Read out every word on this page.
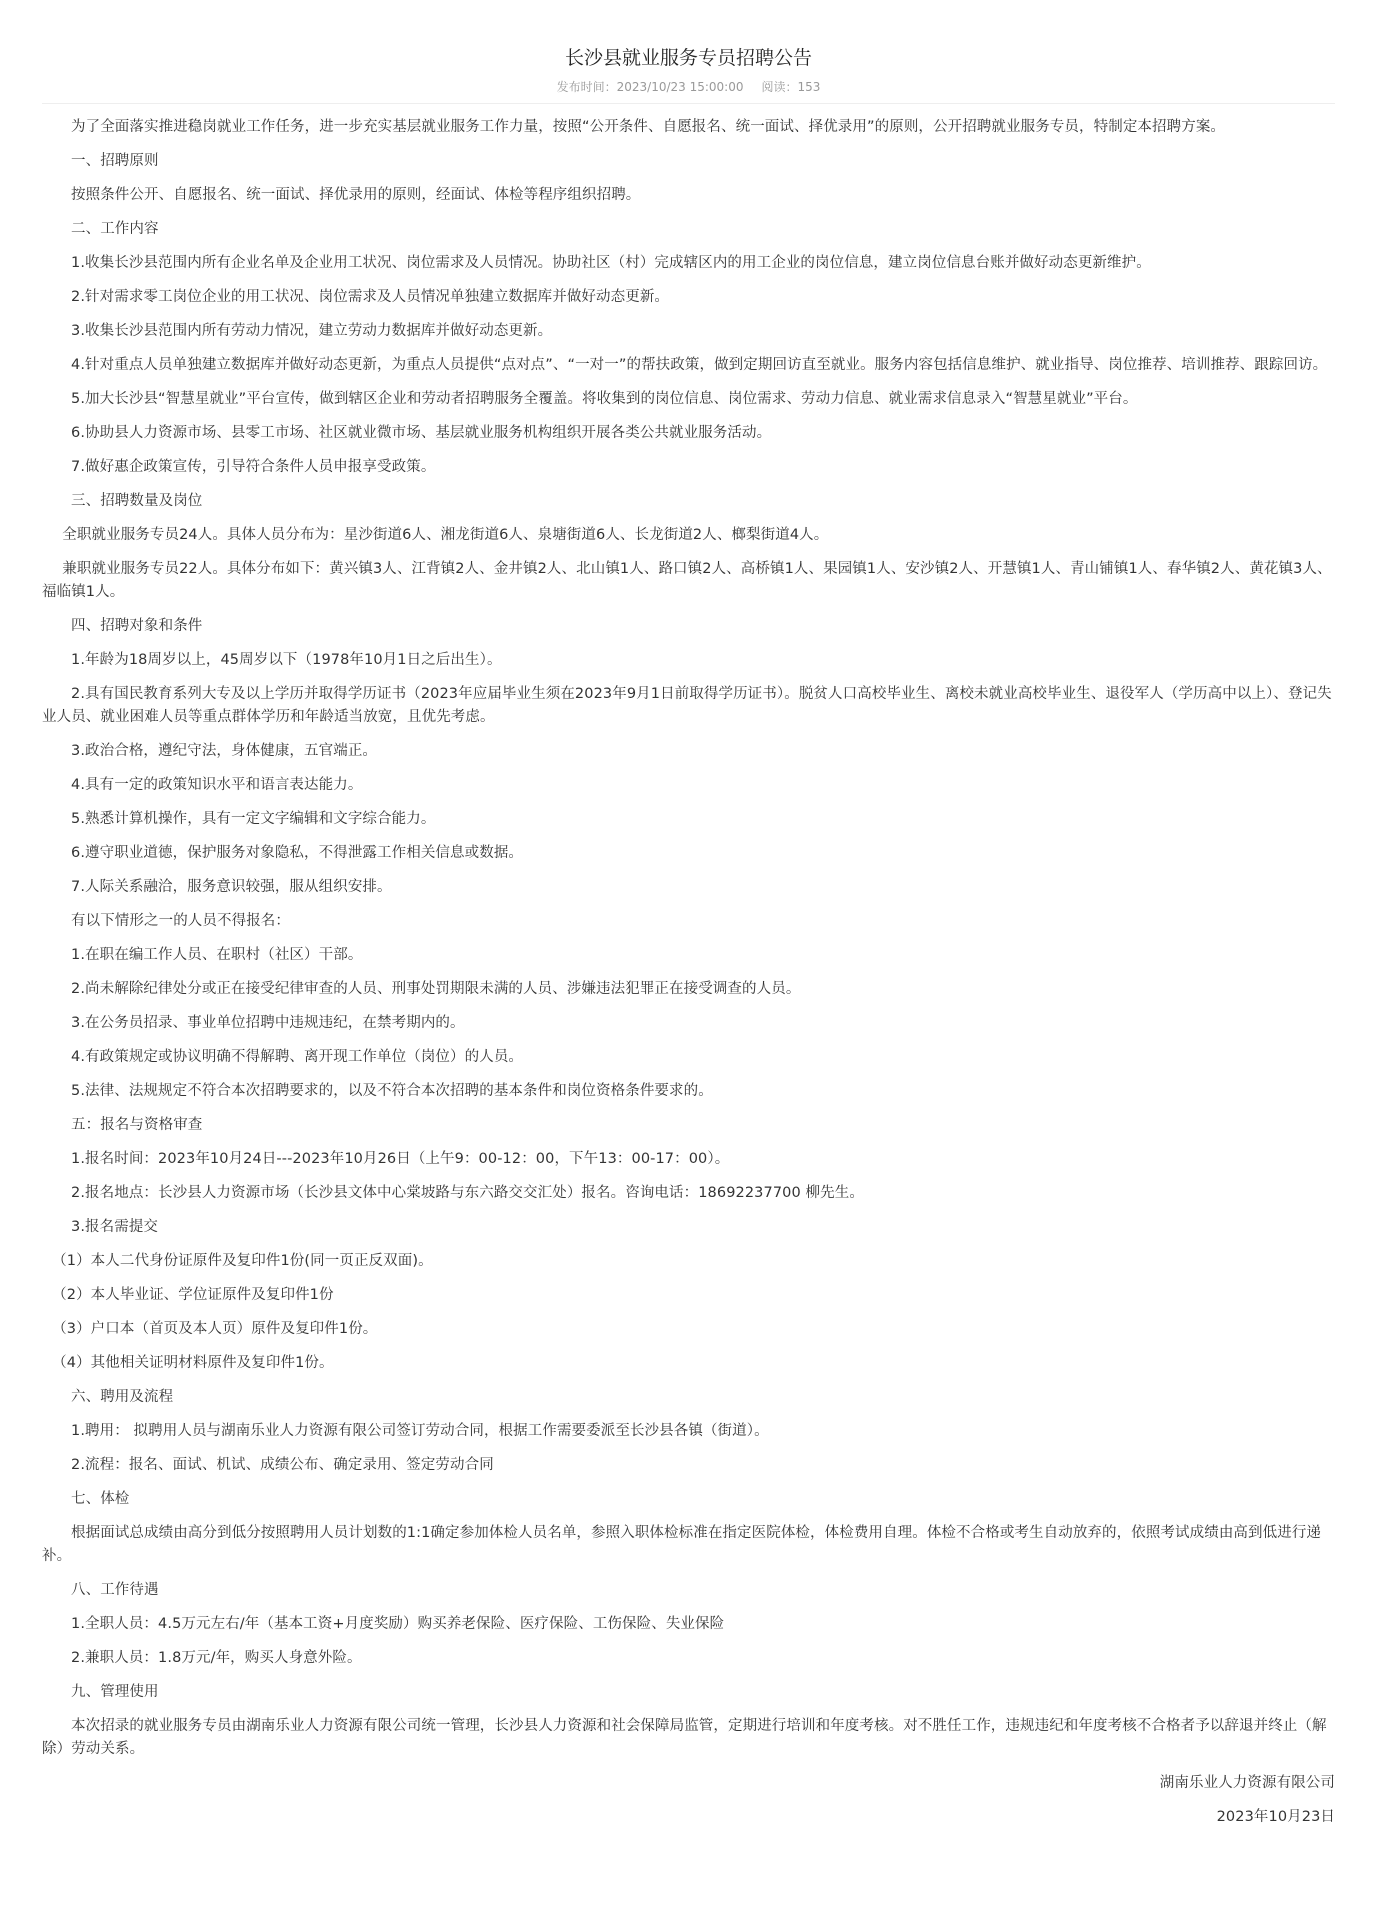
长沙县就业服务专员招聘公告
发布时间：2023/10/23 15:00:00 阅读：153

为了全面落实推进稳岗就业工作任务，进一步充实基层就业服务工作力量，按照“公开条件、自愿报名、统一面试、择优录用”的原则，公开招聘就业服务专员，特制定本招聘方案。

一、招聘原则

按照条件公开、自愿报名、统一面试、择优录用的原则，经面试、体检等程序组织招聘。

二、工作内容

1.收集长沙县范围内所有企业名单及企业用工状况、岗位需求及人员情况。协助社区（村）完成辖区内的用工企业的岗位信息，建立岗位信息台账并做好动态更新维护。

2.针对需求零工岗位企业的用工状况、岗位需求及人员情况单独建立数据库并做好动态更新。

3.收集长沙县范围内所有劳动力情况，建立劳动力数据库并做好动态更新。

4.针对重点人员单独建立数据库并做好动态更新，为重点人员提供“点对点”、“一对一”的帮扶政策，做到定期回访直至就业。服务内容包括信息维护、就业指导、岗位推荐、培训推荐、跟踪回访。

5.加大长沙县“智慧星就业”平台宣传，做到辖区企业和劳动者招聘服务全覆盖。将收集到的岗位信息、岗位需求、劳动力信息、就业需求信息录入“智慧星就业”平台。

6.协助县人力资源市场、县零工市场、社区就业微市场、基层就业服务机构组织开展各类公共就业服务活动。

7.做好惠企政策宣传，引导符合条件人员申报享受政策。

三、招聘数量及岗位

全职就业服务专员24人。具体人员分布为：星沙街道6人、湘龙街道6人、泉塘街道6人、长龙街道2人、榔梨街道4人。

兼职就业服务专员22人。具体分布如下：黄兴镇3人、江背镇2人、金井镇2人、北山镇1人、路口镇2人、高桥镇1人、果园镇1人、安沙镇2人、开慧镇1人、青山铺镇1人、春华镇2人、黄花镇3人、福临镇1人。

四、招聘对象和条件

1.年龄为18周岁以上，45周岁以下（1978年10月1日之后出生）。

2.具有国民教育系列大专及以上学历并取得学历证书（2023年应届毕业生须在2023年9月1日前取得学历证书）。脱贫人口高校毕业生、离校未就业高校毕业生、退役军人（学历高中以上）、登记失业人员、就业困难人员等重点群体学历和年龄适当放宽，且优先考虑。

3.政治合格，遵纪守法，身体健康，五官端正。

4.具有一定的政策知识水平和语言表达能力。

5.熟悉计算机操作，具有一定文字编辑和文字综合能力。

6.遵守职业道德，保护服务对象隐私，不得泄露工作相关信息或数据。

7.人际关系融洽，服务意识较强，服从组织安排。

有以下情形之一的人员不得报名：

1.在职在编工作人员、在职村（社区）干部。

2.尚未解除纪律处分或正在接受纪律审查的人员、刑事处罚期限未满的人员、涉嫌违法犯罪正在接受调查的人员。

3.在公务员招录、事业单位招聘中违规违纪，在禁考期内的。

4.有政策规定或协议明确不得解聘、离开现工作单位（岗位）的人员。

5.法律、法规规定不符合本次招聘要求的，以及不符合本次招聘的基本条件和岗位资格条件要求的。

五：报名与资格审查

1.报名时间：2023年10月24日---2023年10月26日（上午9：00-12：00，下午13：00-17：00）。

2.报名地点：长沙县人力资源市场（长沙县文体中心棠坡路与东六路交交汇处）报名。咨询电话：18692237700 柳先生。

3.报名需提交

（1）本人二代身份证原件及复印件1份(同一页正反双面)。

（2）本人毕业证、学位证原件及复印件1份

（3）户口本（首页及本人页）原件及复印件1份。

（4）其他相关证明材料原件及复印件1份。

六、聘用及流程

1.聘用： 拟聘用人员与湖南乐业人力资源有限公司签订劳动合同，根据工作需要委派至长沙县各镇（街道）。

2.流程：报名、面试、机试、成绩公布、确定录用、签定劳动合同

七、体检

根据面试总成绩由高分到低分按照聘用人员计划数的1:1确定参加体检人员名单，参照入职体检标准在指定医院体检，体检费用自理。体检不合格或考生自动放弃的，依照考试成绩由高到低进行递补。

八、工作待遇

1.全职人员：4.5万元左右/年（基本工资+月度奖励）购买养老保险、医疗保险、工伤保险、失业保险

2.兼职人员：1.8万元/年，购买人身意外险。

九、管理使用

本次招录的就业服务专员由湖南乐业人力资源有限公司统一管理，长沙县人力资源和社会保障局监管，定期进行培训和年度考核。对不胜任工作，违规违纪和年度考核不合格者予以辞退并终止（解除）劳动关系。

湖南乐业人力资源有限公司

2023年10月23日
